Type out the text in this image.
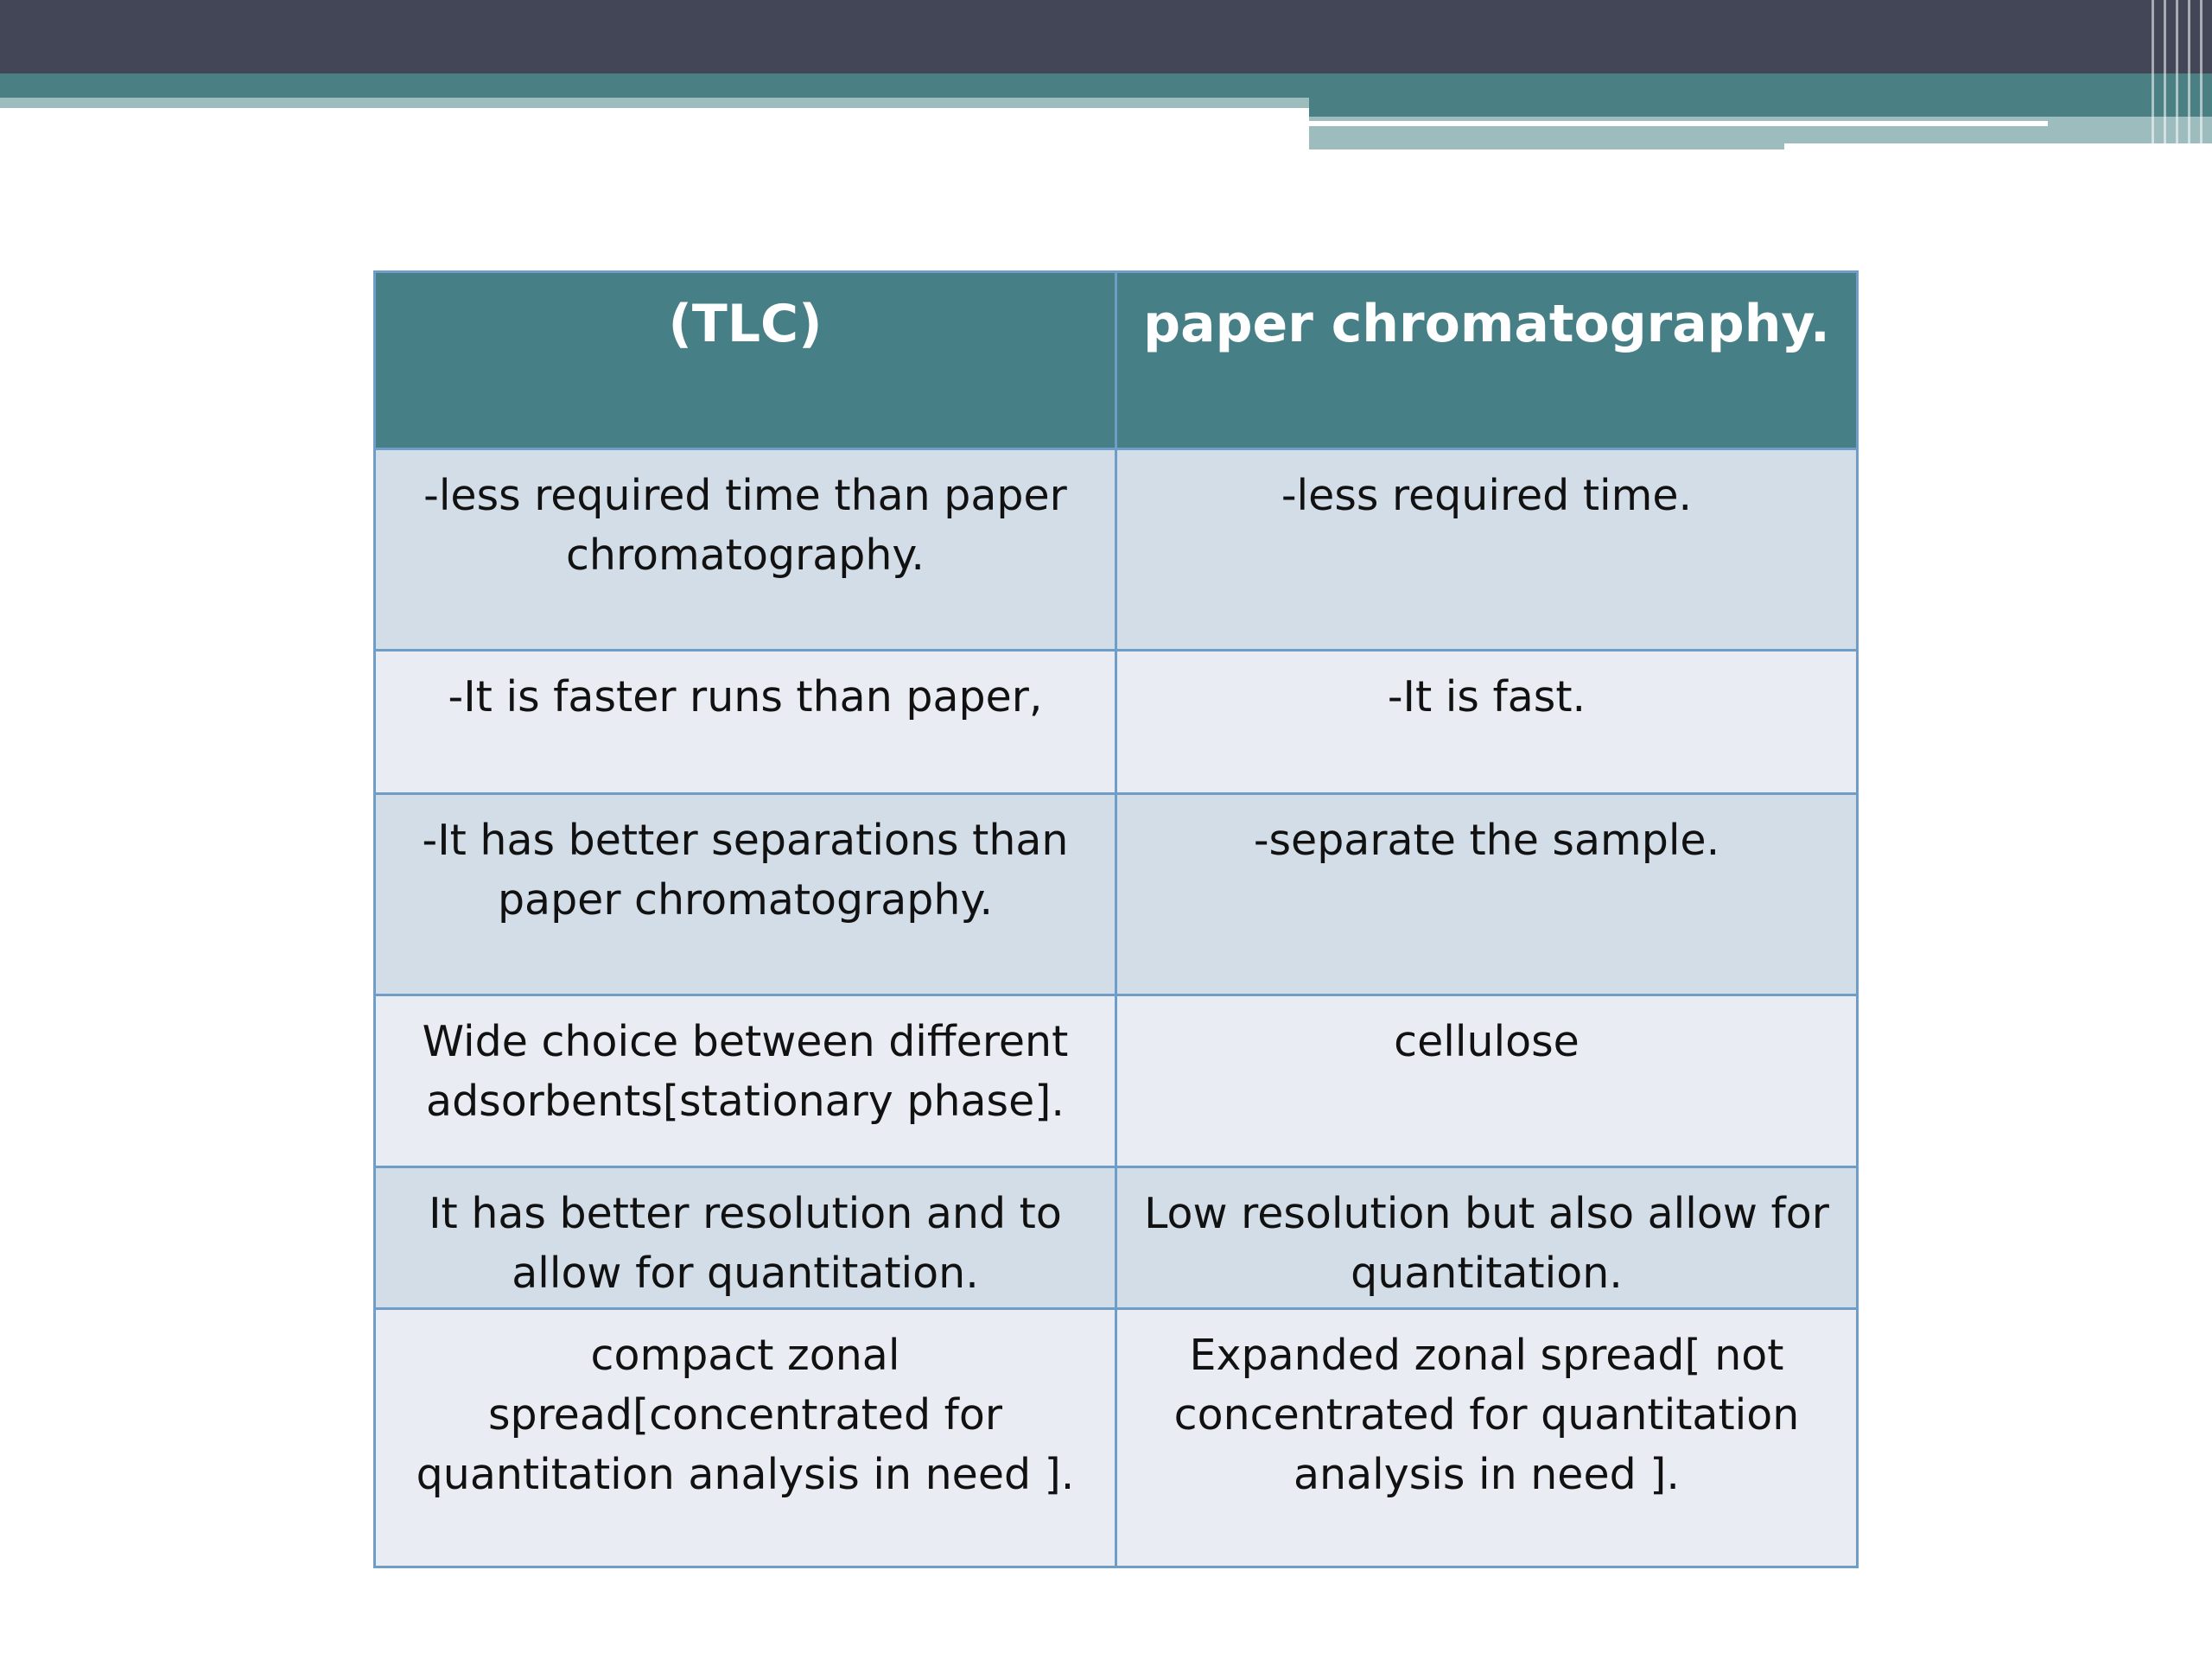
(TLC)	paper chromatography.
-less required time than paper chromatography.	-less required time.
-It is faster runs than paper,	-It is fast.
-It has better separations than paper chromatography.	-separate the sample.
Wide choice between different adsorbents[stationary phase].	cellulose
It has better resolution and to allow for quantitation.	Low resolution but also allow for quantitation.
compact zonal spread[concentrated for quantitation analysis in need ].	Expanded zonal spread[ not concentrated for quantitation analysis in need ].
